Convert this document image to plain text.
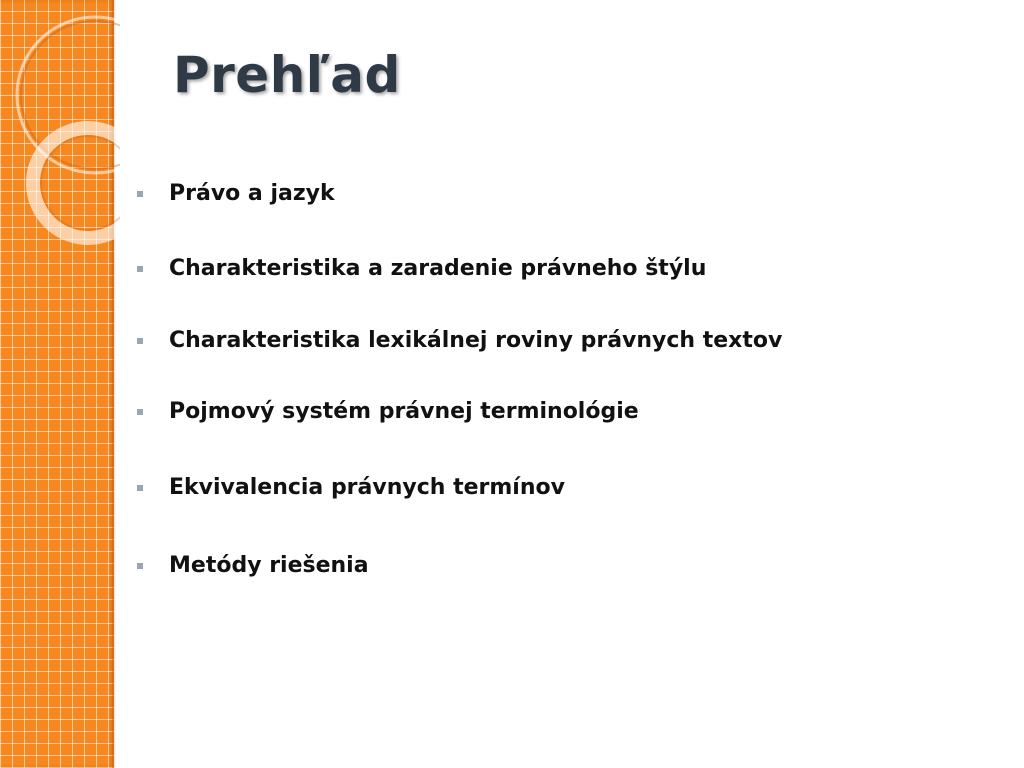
Prehľad
Právo a jazyk
Charakteristika a zaradenie právneho štýlu
Charakteristika lexikálnej roviny právnych textov
Pojmový systém právnej terminológie
Ekvivalencia právnych termínov
Metódy riešenia
